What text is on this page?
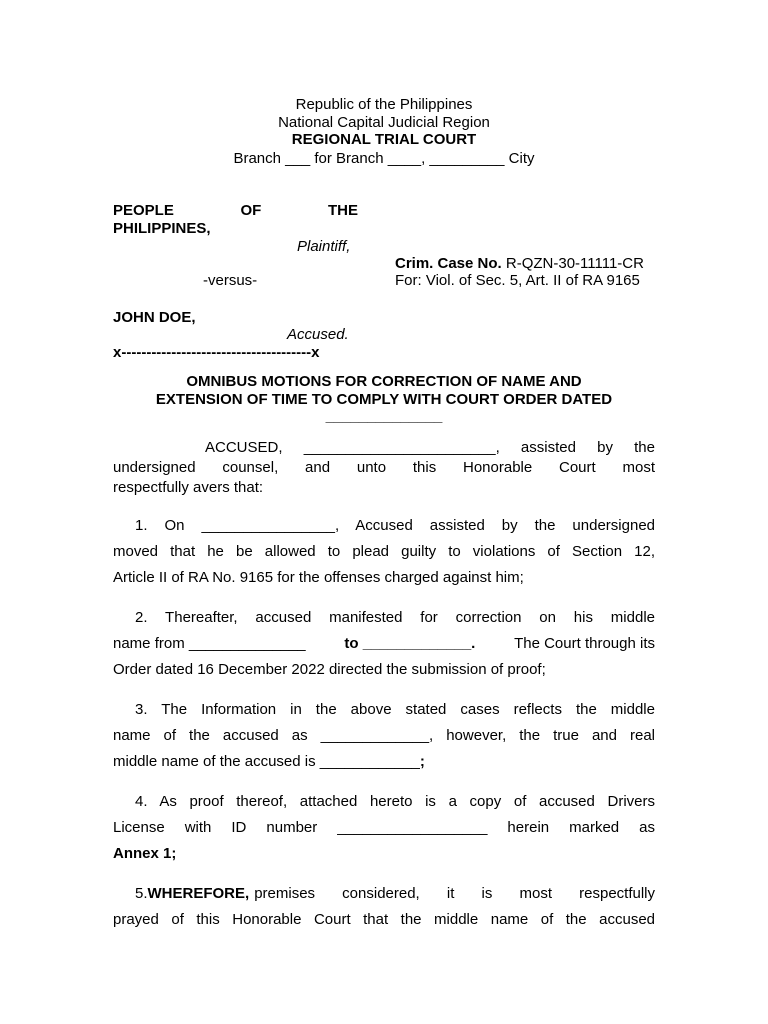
Republic of the Philippines
National Capital Judicial Region
REGIONAL TRIAL COURT
Branch ___ for Branch ____, _________ City
PEOPLE	OF	THE
PHILIPPINES,
Plaintiff,
-versus-
JOHN DOE,
Accused.
x--------------------------------------x
Crim. Case No. R-QZN-30-11111-CR
For: Viol. of Sec. 5, Art. II of RA 9165
OMNIBUS MOTIONS FOR CORRECTION OF NAME AND
EXTENSION OF TIME TO COMPLY WITH COURT ORDER DATED
______________
ACCUSED, _______________________, assisted by the
undersigned counsel, and unto this Honorable Court most
respectfully avers that:
1. On ________________, Accused assisted by the undersigned
moved that he be allowed to plead guilty to violations of Section 12,
Article II of RA No. 9165 for the offenses charged against him;
2. Thereafter, accused manifested for correction on his middle
name from ______________	to _____________.	The Court through its
Order dated 16 December 2022 directed the submission of proof;
3. The Information in the above stated cases reflects the middle
name of the accused as _____________, however, the true and real
middle name of the accused is ____________;
4. As proof thereof, attached hereto is a copy of accused Drivers
License with ID number __________________ herein marked as
Annex 1;
5. WHEREFORE, premises considered, it is most respectfully
prayed of this Honorable Court that the middle name of the accused
